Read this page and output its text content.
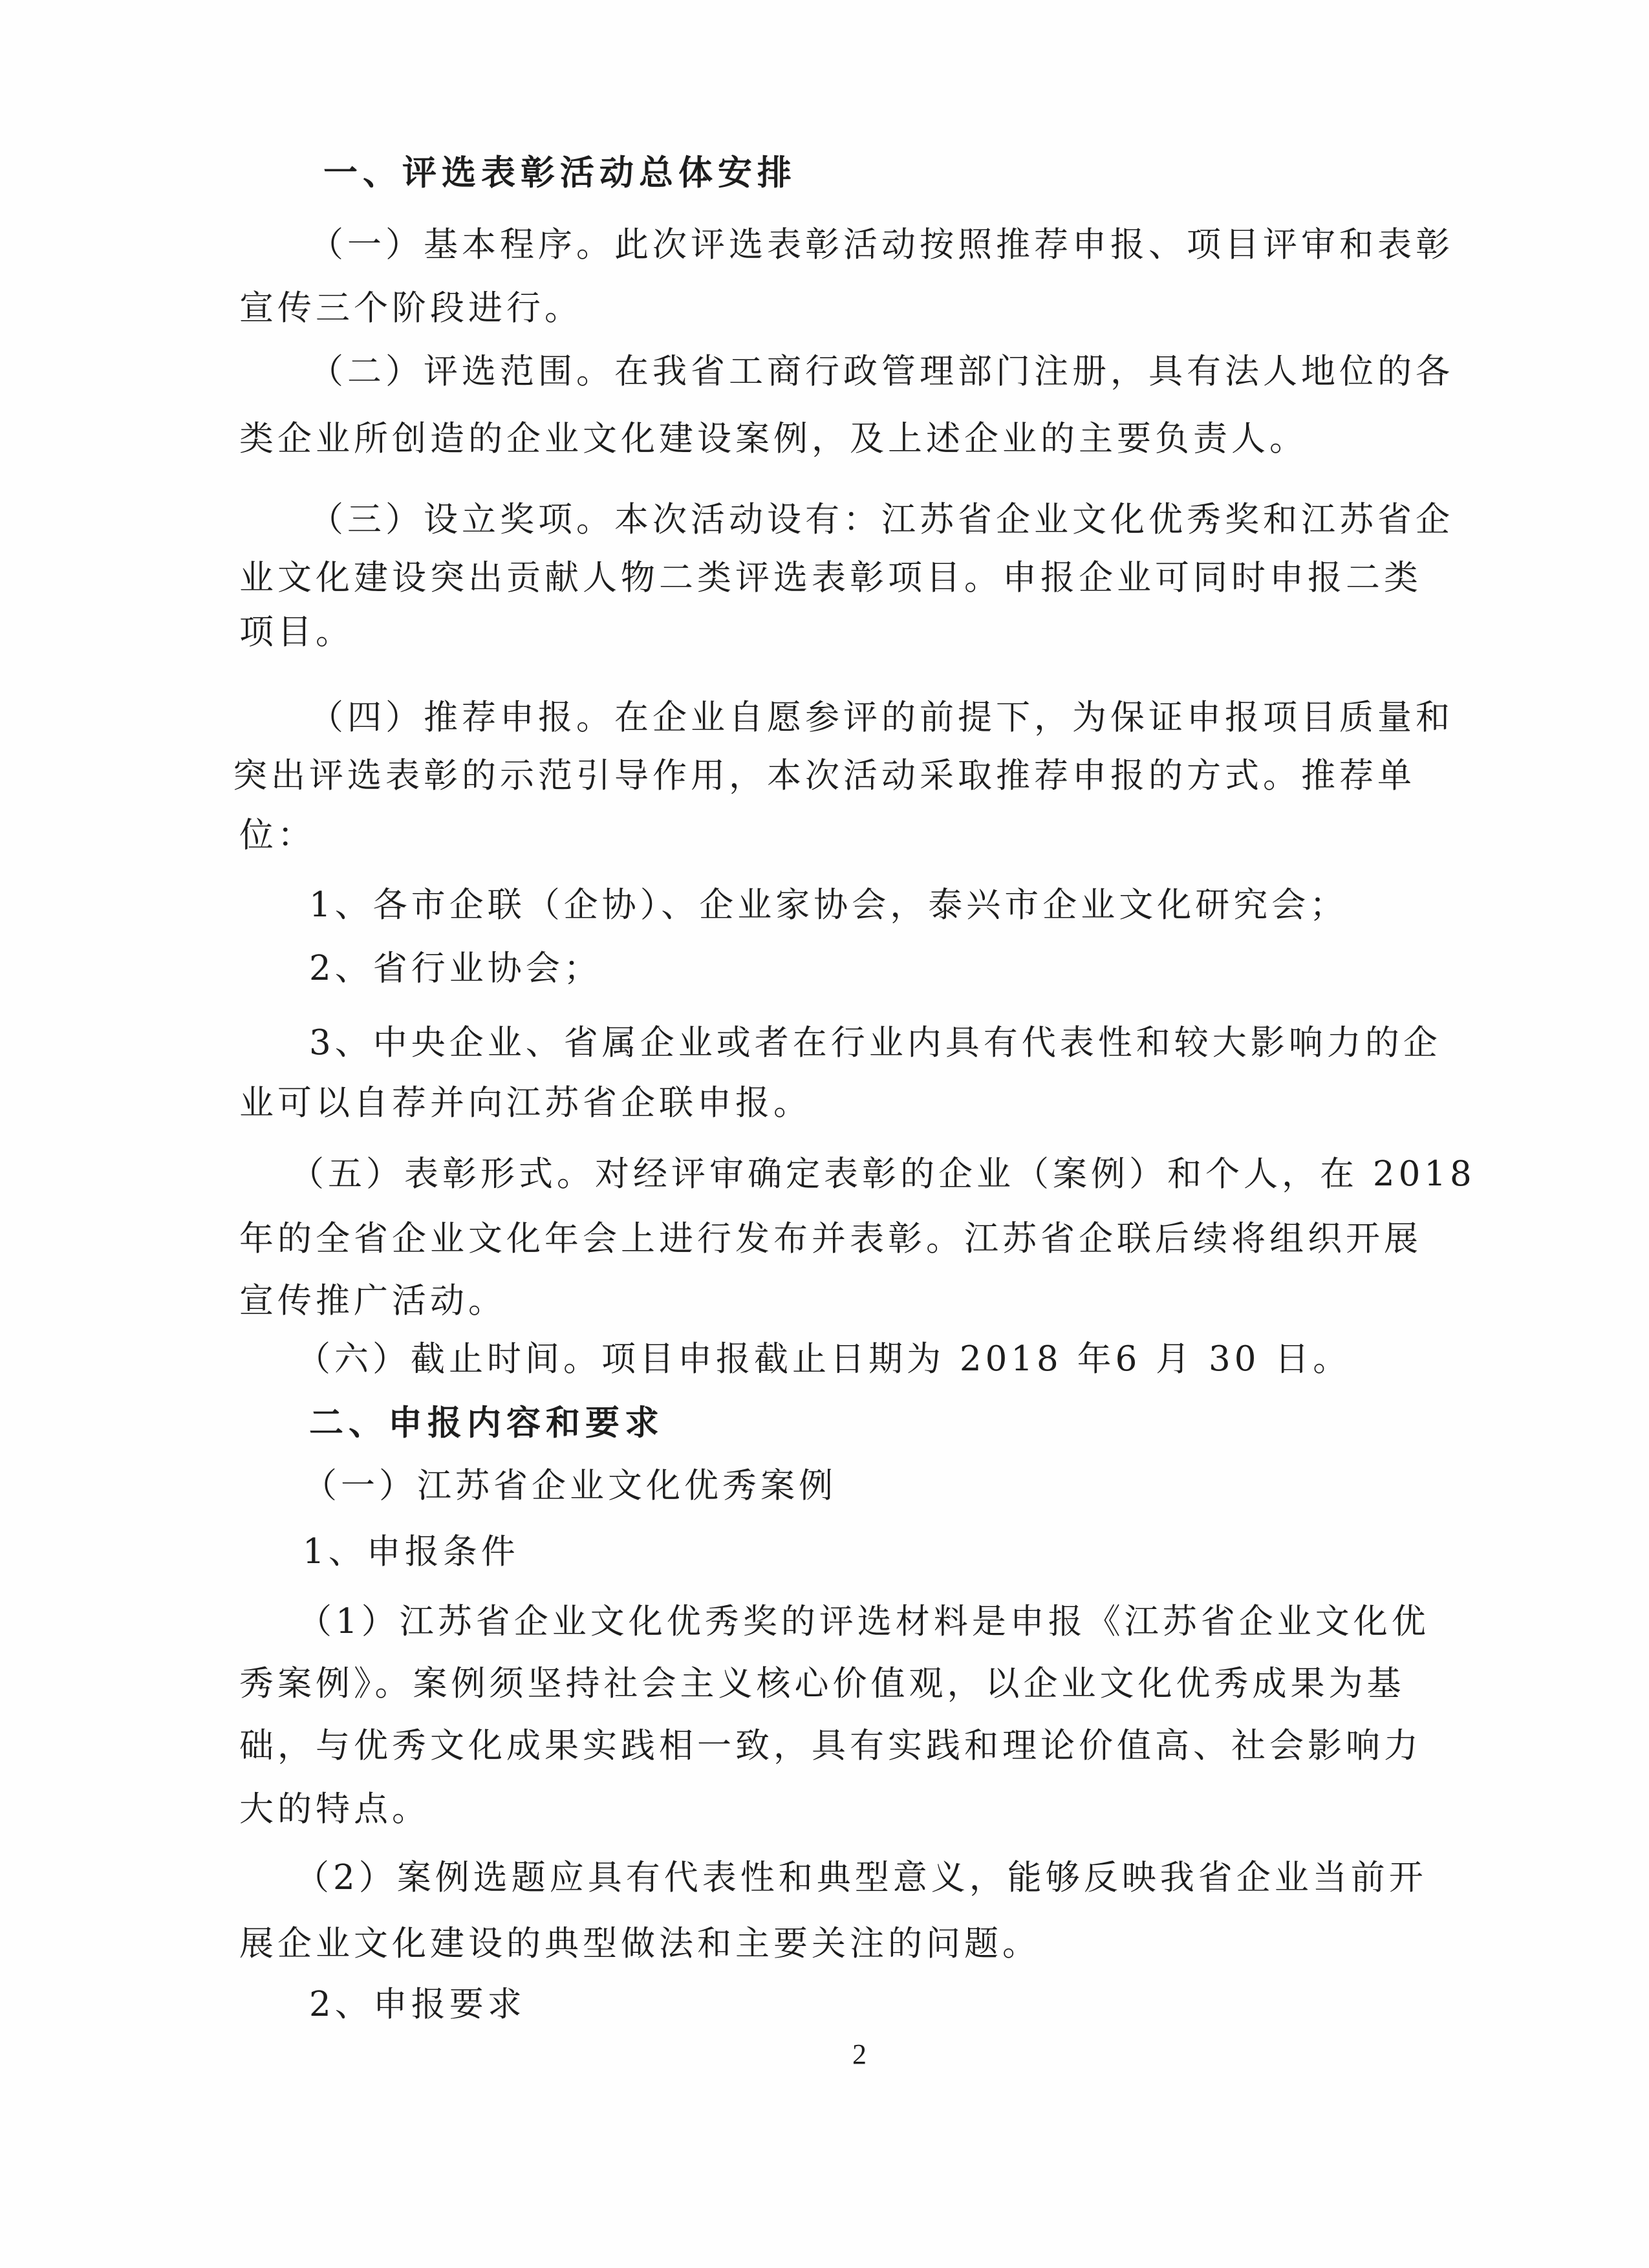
一、评选表彰活动总体安排
（一）基本程序。此次评选表彰活动按照推荐申报、项目评审和表彰
宣传三个阶段进行。
（二）评选范围。在我省工商行政管理部门注册，具有法人地位的各
类企业所创造的企业文化建设案例，及上述企业的主要负责人。
（三）设立奖项。本次活动设有：江苏省企业文化优秀奖和江苏省企
业文化建设突出贡献人物二类评选表彰项目。申报企业可同时申报二类
项目。
（四）推荐申报。在企业自愿参评的前提下，为保证申报项目质量和
突出评选表彰的示范引导作用，本次活动采取推荐申报的方式。推荐单
位：
1、各市企联（企协）、企业家协会，泰兴市企业文化研究会；
2、省行业协会；
3、中央企业、省属企业或者在行业内具有代表性和较大影响力的企
业可以自荐并向江苏省企联申报。
（五）表彰形式。对经评审确定表彰的企业（案例）和个人，在 2018
年的全省企业文化年会上进行发布并表彰。江苏省企联后续将组织开展
宣传推广活动。
（六）截止时间。项目申报截止日期为 2018 年6 月 30 日。
二、申报内容和要求
（一）江苏省企业文化优秀案例
1、申报条件
（1）江苏省企业文化优秀奖的评选材料是申报《江苏省企业文化优
秀案例》。案例须坚持社会主义核心价值观，以企业文化优秀成果为基
础，与优秀文化成果实践相一致，具有实践和理论价值高、社会影响力
大的特点。
（2）案例选题应具有代表性和典型意义，能够反映我省企业当前开
展企业文化建设的典型做法和主要关注的问题。
2、申报要求
2
